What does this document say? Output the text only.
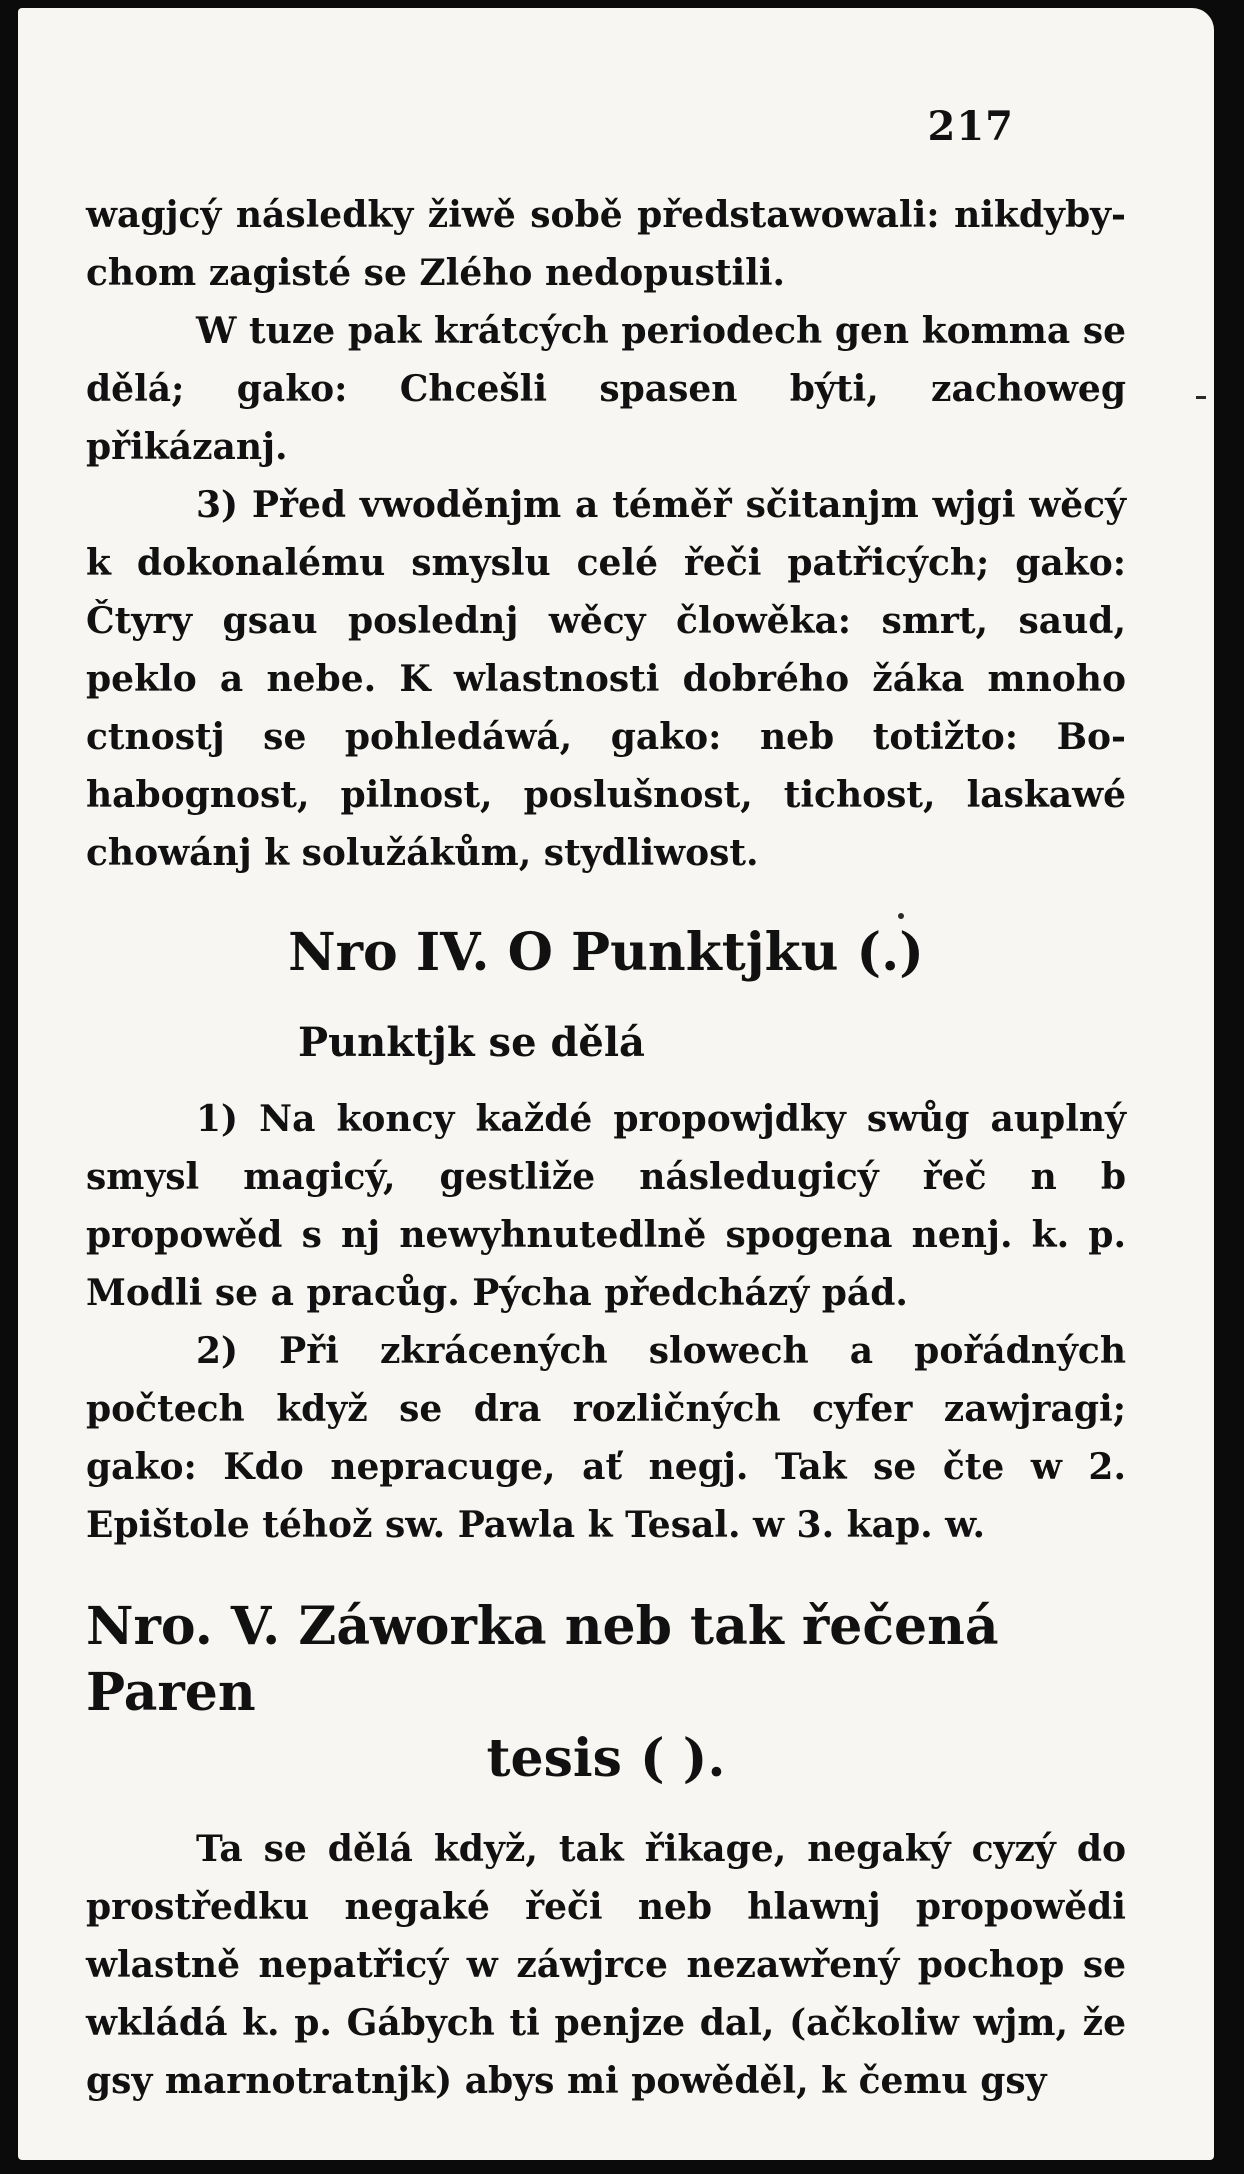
217

wagjcý následky žiwě sobě předstawowali: nikdybychom zagisté se Zlého nedopustili.

W tuze pak krátcých periodech gen komma se dělá; gako: Chcešli spasen býti, zachoweg přikázanj.

3) Před vwoděnjm a téměř sčitanjm wjgi wěcý k dokonalému smyslu celé řeči patřicých; gako: Čtyry gsau poslednj wěcy člowěka: smrt, saud, peklo a nebe. K wlastnosti dobrého žáka mnoho ctnostj se pohledáwá, gako: neb totižto: Bohabognost, pilnost, poslušnost, tichost, laskawé chowánj k solužákům, stydliwost.

Nro IV. O Punktjku (.)
Punktjk se dělá

1) Na koncy každé propowjdky swůg auplný smysl magicý, gestliže následugicý řeč n b propowěd s nj newyhnutedlně spogena nenj. k. p. Modli se a pracůg. Pýcha předcházý pád.

2) Při zkrácených slowech a pořádných počtech když se dra rozličných cyfer zawjragi; gako: Kdo nepracuge, ať negj. Tak se čte w 2. Epištole téhož sw. Pawla k Tesal. w 3. kap. w.

Nro. V. Záworka neb tak řečená Paren
tesis ( ).

Ta se dělá když, tak řikage, negaký cyzý do prostředku negaké řeči neb hlawnj propowědi wlastně nepatřicý w záwjrce nezawřený pochop se wkládá k. p. Gábych ti penjze dal, (ačkoliw wjm, že gsy marnotratnjk) abys mi powěděl, k čemu gsy
